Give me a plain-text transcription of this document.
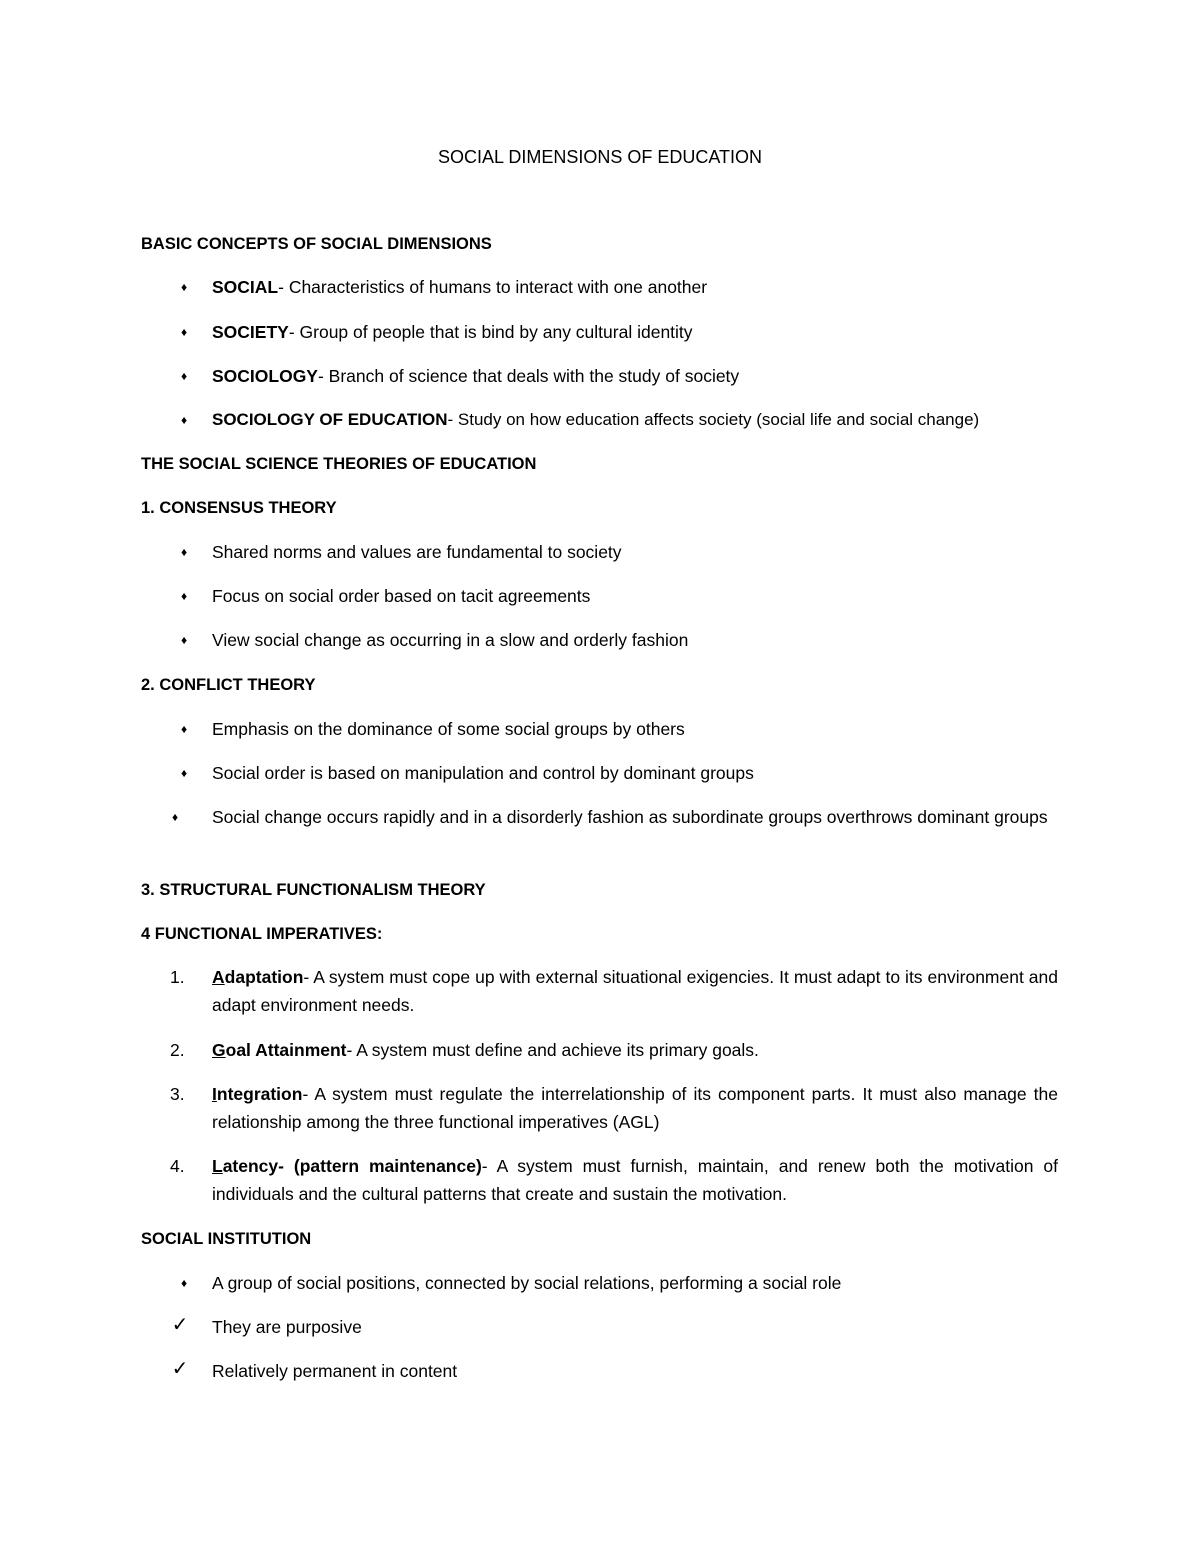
SOCIAL DIMENSIONS OF EDUCATION
BASIC CONCEPTS OF SOCIAL DIMENSIONS
♦	SOCIAL- Characteristics of humans to interact with one another
♦	SOCIETY- Group of people that is bind by any cultural identity
♦	SOCIOLOGY- Branch of science that deals with the study of society
♦	SOCIOLOGY OF EDUCATION- Study on how education affects society (social life and social change)
THE SOCIAL SCIENCE THEORIES OF EDUCATION
1. CONSENSUS THEORY
♦	Shared norms and values are fundamental to society
♦	Focus on social order based on tacit agreements
♦	View social change as occurring in a slow and orderly fashion
2. CONFLICT THEORY
♦	Emphasis on the dominance of some social groups by others
♦	Social order is based on manipulation and control by dominant groups
♦	Social change occurs rapidly and in a disorderly fashion as subordinate groups overthrows dominant groups
3. STRUCTURAL FUNCTIONALISM THEORY
4 FUNCTIONAL IMPERATIVES:
1.	Adaptation- A system must cope up with external situational exigencies. It must adapt to its environment and adapt environment needs.
2.	Goal Attainment- A system must define and achieve its primary goals.
3.	Integration- A system must regulate the interrelationship of its component parts. It must also manage the relationship among the three functional imperatives (AGL)
4.	Latency- (pattern maintenance)- A system must furnish, maintain, and renew both the motivation of individuals and the cultural patterns that create and sustain the motivation.
SOCIAL INSTITUTION
♦	A group of social positions, connected by social relations, performing a social role
✓ They are purposive
✓ Relatively permanent in content
